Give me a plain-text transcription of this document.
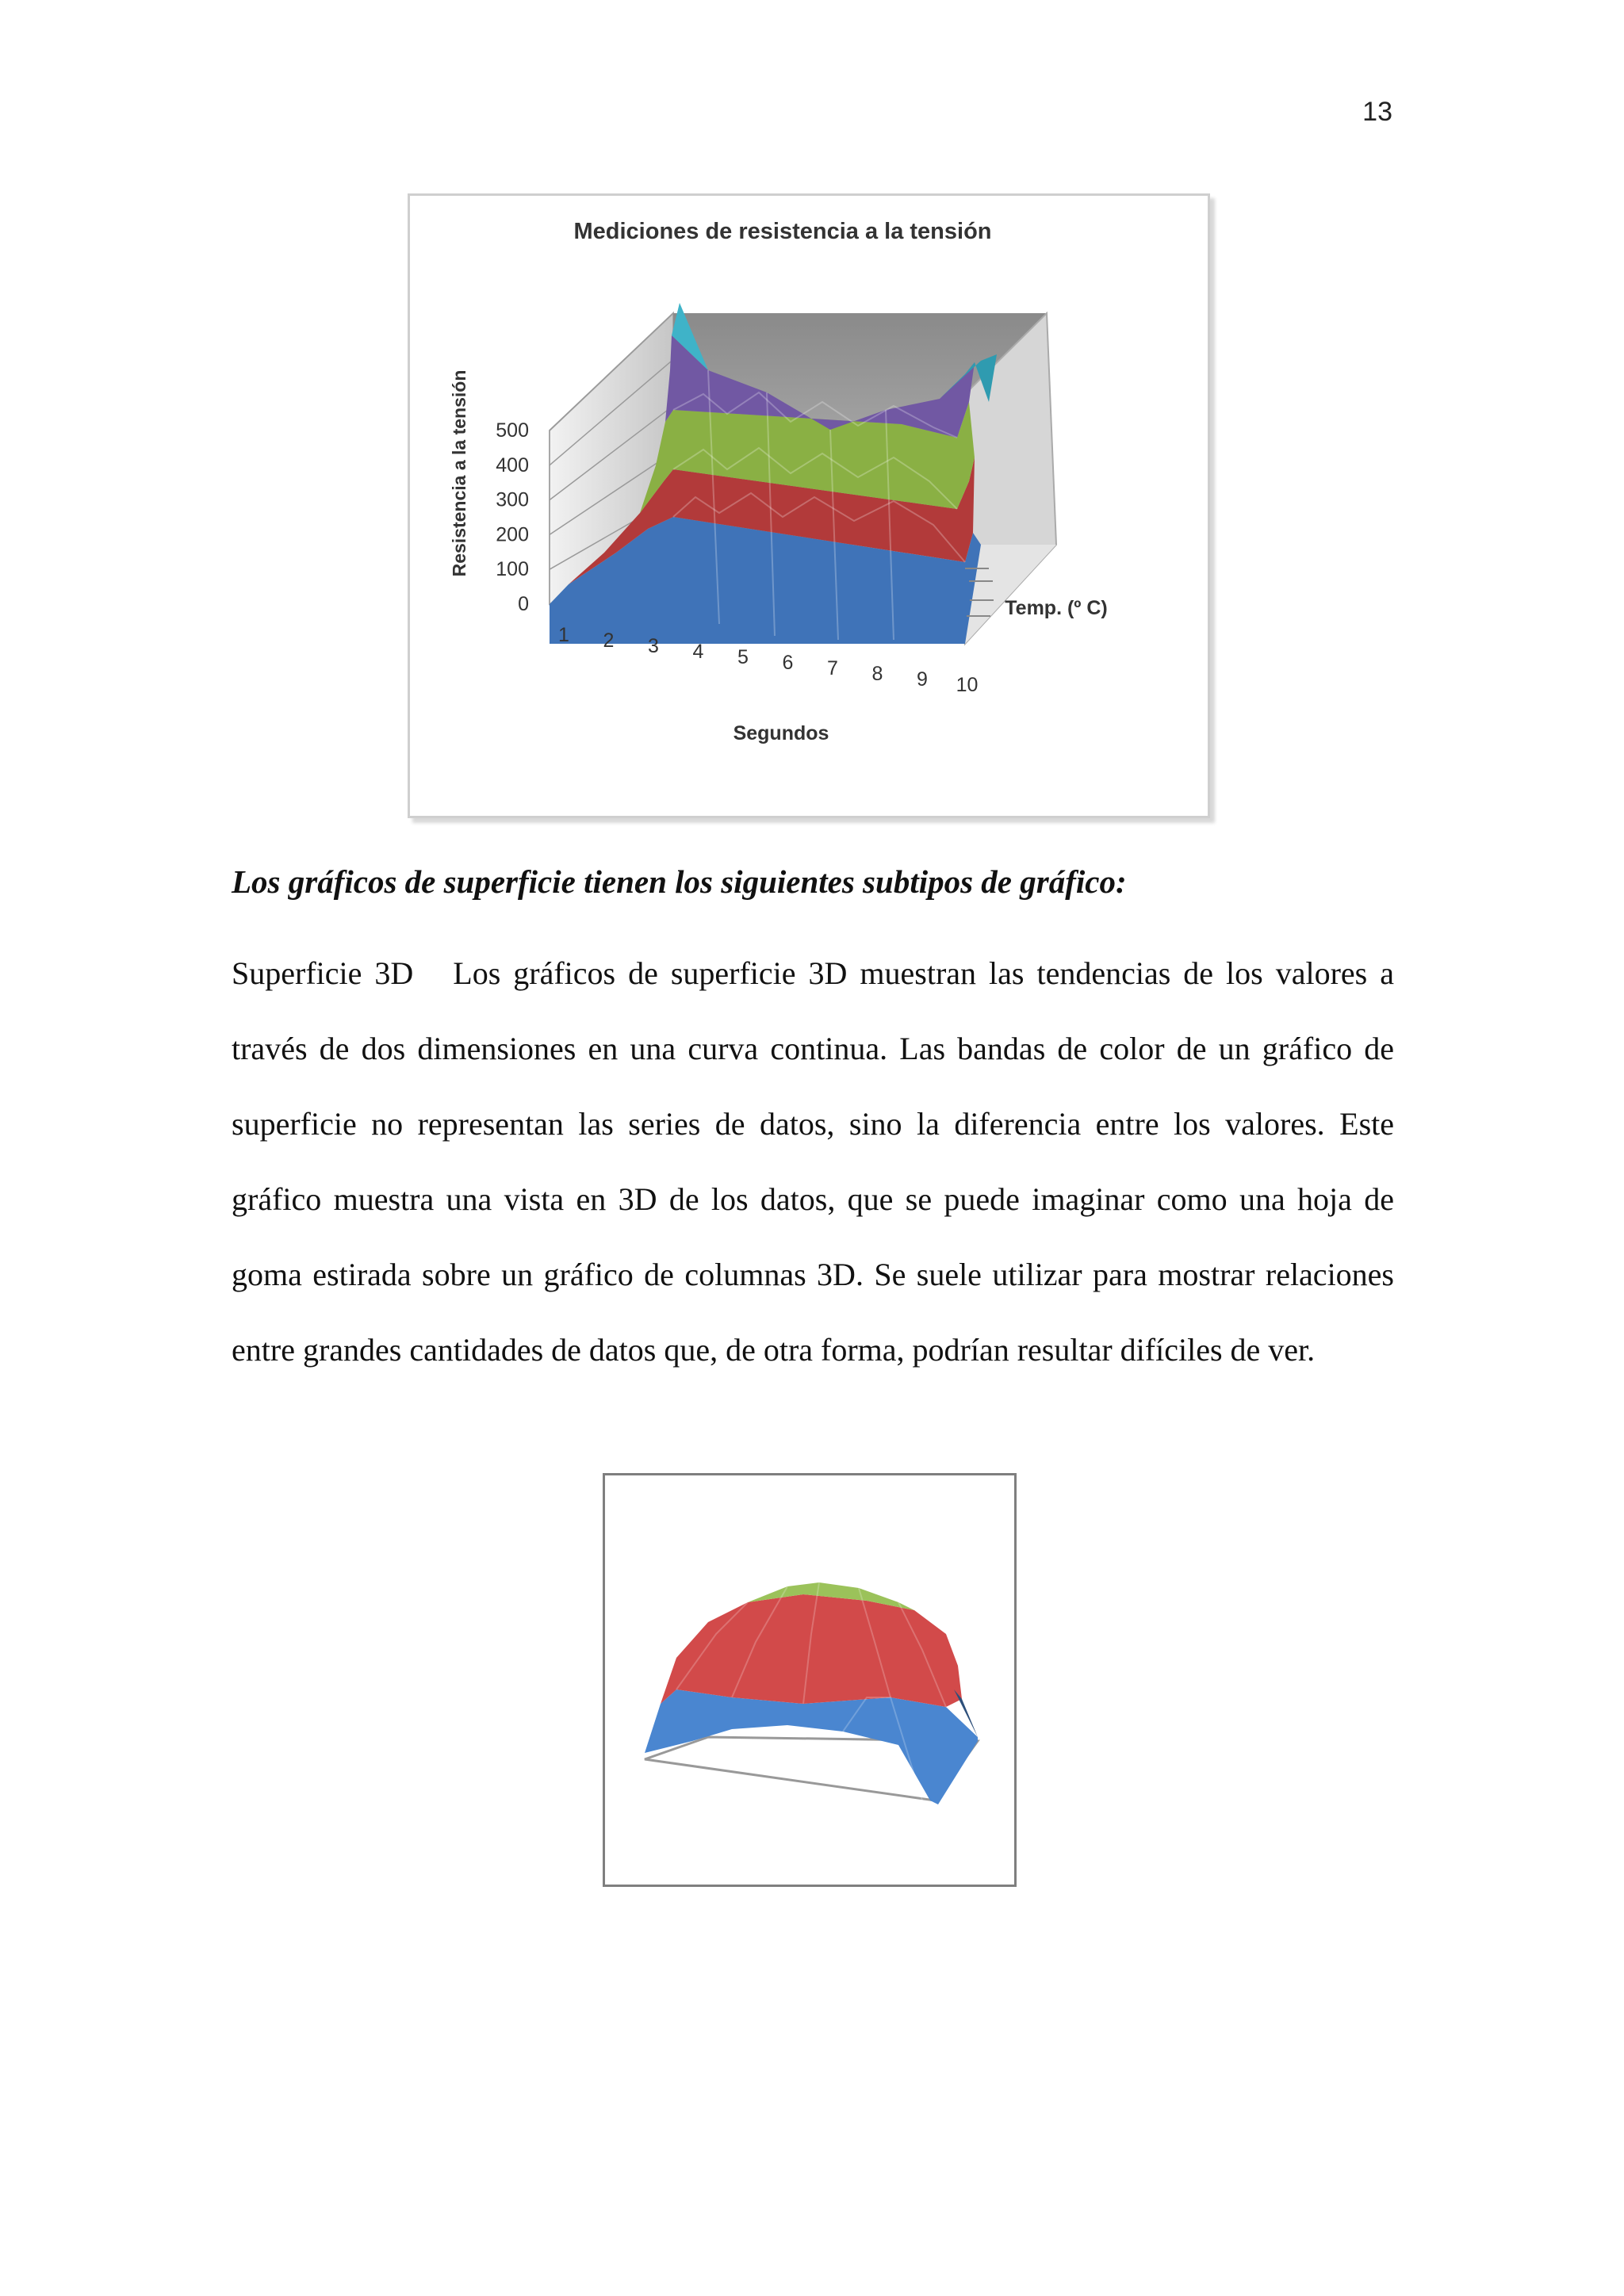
13
Mediciones de resistencia a la tensión
0
100
200
300
400
500
1 2 3 4 5 6 7 8 9 10
Resistencia a la tensión
Segundos
Temp. (º C)
Los gráficos de superficie tienen los siguientes subtipos de gráfico:
Superficie 3D Los gráficos de superficie 3D muestran las tendencias de los valores a través de dos dimensiones en una curva continua. Las bandas de color de un gráfico de superficie no representan las series de datos, sino la diferencia entre los valores. Este gráfico muestra una vista en 3D de los datos, que se puede imaginar como una hoja de goma estirada sobre un gráfico de columnas 3D. Se suele utilizar para mostrar relaciones entre grandes cantidades de datos que, de otra forma, podrían resultar difíciles de ver.
